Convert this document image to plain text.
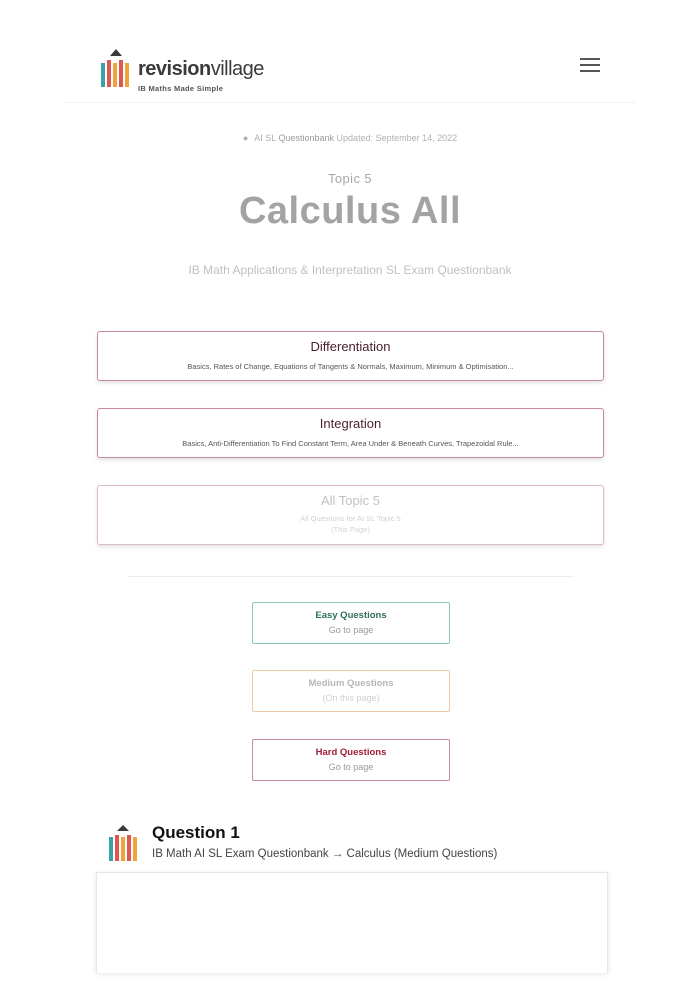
revisionvillage
IB Maths Made Simple
● AI SL Questionbank Updated: September 14, 2022
Topic 5
Calculus All
IB Math Applications & Interpretation SL Exam Questionbank
Differentiation
Basics, Rates of Change, Equations of Tangents & Normals, Maximum, Minimum & Optimisation...
Integration
Basics, Anti-Differentiation To Find Constant Term, Area Under & Beneath Curves, Trapezoidal Rule...
All Topic 5
All Questions for AI SL Topic 5
(This Page)
Easy Questions
Go to page
Medium Questions
(On this page)
Hard Questions
Go to page
Question 1
IB Math AI SL Exam Questionbank → Calculus (Medium Questions)
